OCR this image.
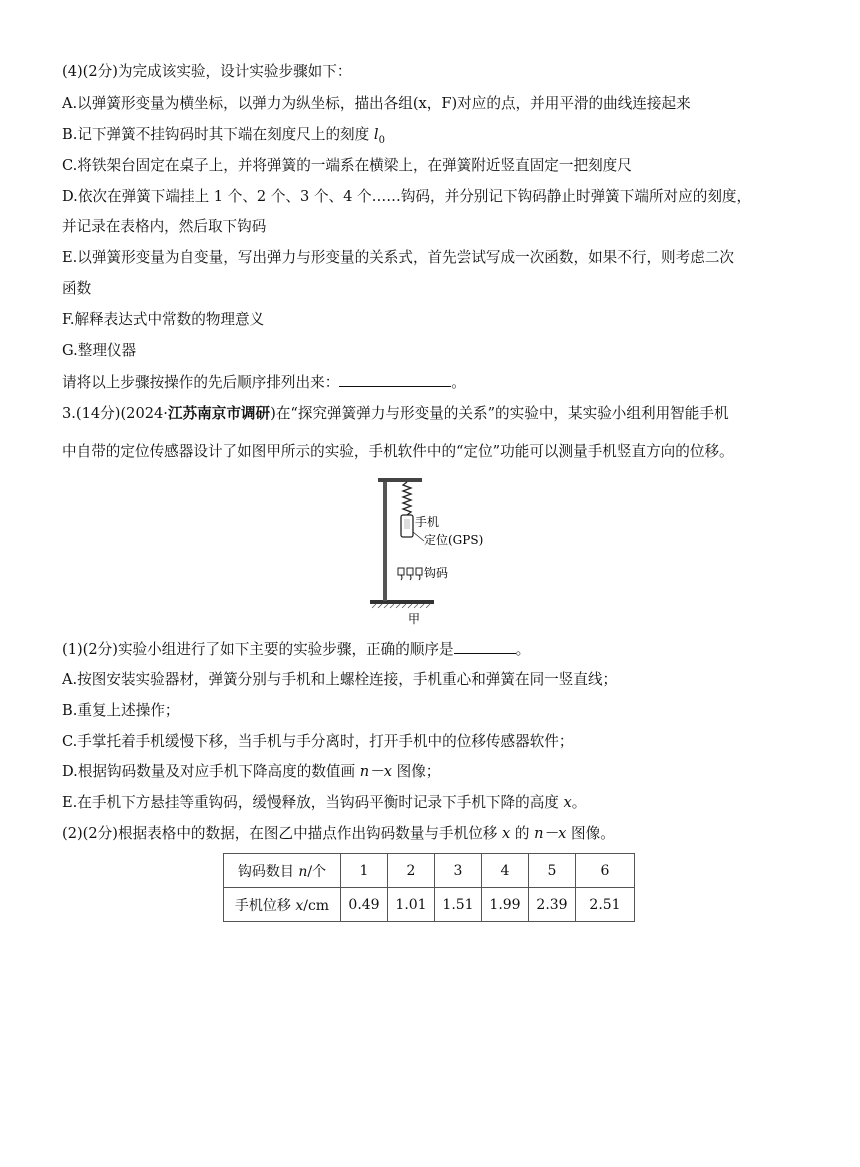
(4)(2分)为完成该实验，设计实验步骤如下：
A.以弹簧形变量为横坐标，以弹力为纵坐标，描出各组(x，F)对应的点，并用平滑的曲线连接起来
B.记下弹簧不挂钩码时其下端在刻度尺上的刻度 $l_0$
C.将铁架台固定在桌子上，并将弹簧的一端系在横梁上，在弹簧附近竖直固定一把刻度尺
D.依次在弹簧下端挂上 1 个、2 个、3 个、4 个……钩码，并分别记下钩码静止时弹簧下端所对应的刻度，
并记录在表格内，然后取下钩码
E.以弹簧形变量为自变量，写出弹力与形变量的关系式，首先尝试写成一次函数，如果不行，则考虑二次
函数
F.解释表达式中常数的物理意义
G.整理仪器
请将以上步骤按操作的先后顺序排列出来：	。
3.(14分)(2024·江苏南京市调研)在“探究弹簧弹力与形变量的关系”的实验中，某实验小组利用智能手机
中自带的定位传感器设计了如图甲所示的实验，手机软件中的“定位”功能可以测量手机竖直方向的位移。
手机
定位(GPS)
钩码
甲
(1)(2分)实验小组进行了如下主要的实验步骤，正确的顺序是	。
A.按图安装实验器材，弹簧分别与手机和上螺栓连接，手机重心和弹簧在同一竖直线；
B.重复上述操作；
C.手掌托着手机缓慢下移，当手机与手分离时，打开手机中的位移传感器软件；
D.根据钩码数量及对应手机下降高度的数值画 n－x 图像；
E.在手机下方悬挂等重钩码，缓慢释放，当钩码平衡时记录下手机下降的高度 x。
(2)(2分)根据表格中的数据，在图乙中描点作出钩码数量与手机位移 x 的 n－x 图像。
钩码数目 n/个	1	2	3	4	5	6
手机位移 x/cm	0.49	1.01	1.51	1.99	2.39	2.51
